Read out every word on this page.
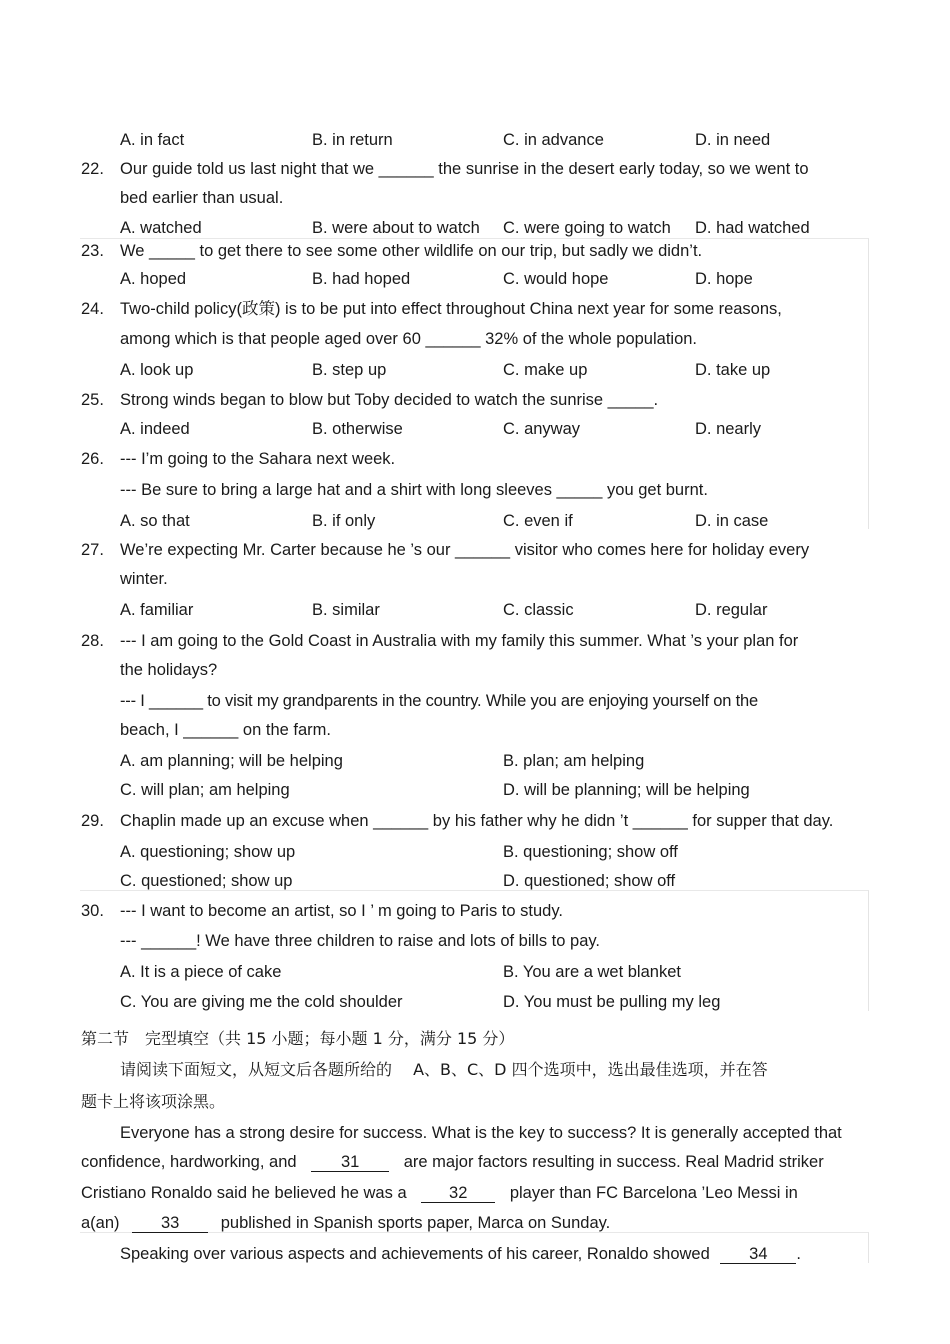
A. in fact	B. in return	C. in advance	D. in need
22. Our guide told us last night that we ______ the sunrise in the desert early today, so we went to
bed earlier than usual.
A. watched	B. were about to watch C. were going to watch D. had watched
23. We _____ to get there to see some other wildlife on our trip, but sadly we didn’t.
A. hoped	B. had hoped	C. would hope	D. hope
24. Two-child policy(政策) is to be put into effect throughout China next year for some reasons,
among which is that people aged over 60 ______ 32% of the whole population.
A. look up	B. step up	C. make up	D. take up
25. Strong winds began to blow but Toby decided to watch the sunrise _____.
A. indeed	B. otherwise	C. anyway	D. nearly
26. --- I’m going to the Sahara next week.
--- Be sure to bring a large hat and a shirt with long sleeves _____ you get burnt.
A. so that	B. if only	C. even if	D. in case
27. We’re expecting Mr. Carter because he ’s our ______ visitor who comes here for holiday every
winter.
A. familiar	B. similar	C. classic	D. regular
28. --- I am going to the Gold Coast in Australia with my family this summer. What ’s your plan for
the holidays?
--- I ______ to visit my grandparents in the country. While you are enjoying yourself on the
beach, I ______ on the farm.
A. am planning; will be helping	B. plan; am helping
C. will plan; am helping	D. will be planning; will be helping
29. Chaplin made up an excuse when ______ by his father why he didn ’t ______ for supper that day.
A. questioning; show up	B. questioning; show off
C. questioned; show up	D. questioned; show off
30. --- I want to become an artist, so I ’ m going to Paris to study.
--- ______! We have three children to raise and lots of bills to pay.
A. It is a piece of cake	B. You are a wet blanket
C. You are giving me the cold shoulder	D. You must be pulling my leg
第二节　完型填空（共 15 小题；每小题 1 分，满分 15 分）
请阅读下面短文，从短文后各题所给的　 A、B、C、D 四个选项中，选出最佳选项，并在答
题卡上将该项涂黑。
Everyone has a strong desire for success. What is the key to success? It is generally accepted that
confidence, hardworking, and	31	are major factors resulting in success. Real Madrid striker
Cristiano Ronaldo said he believed he was a	32	player than FC Barcelona ’Leo Messi in
a(an)	33	published in Spanish sports paper, Marca on Sunday.
Speaking over various aspects and achievements of his career, Ronaldo showed 34 .
